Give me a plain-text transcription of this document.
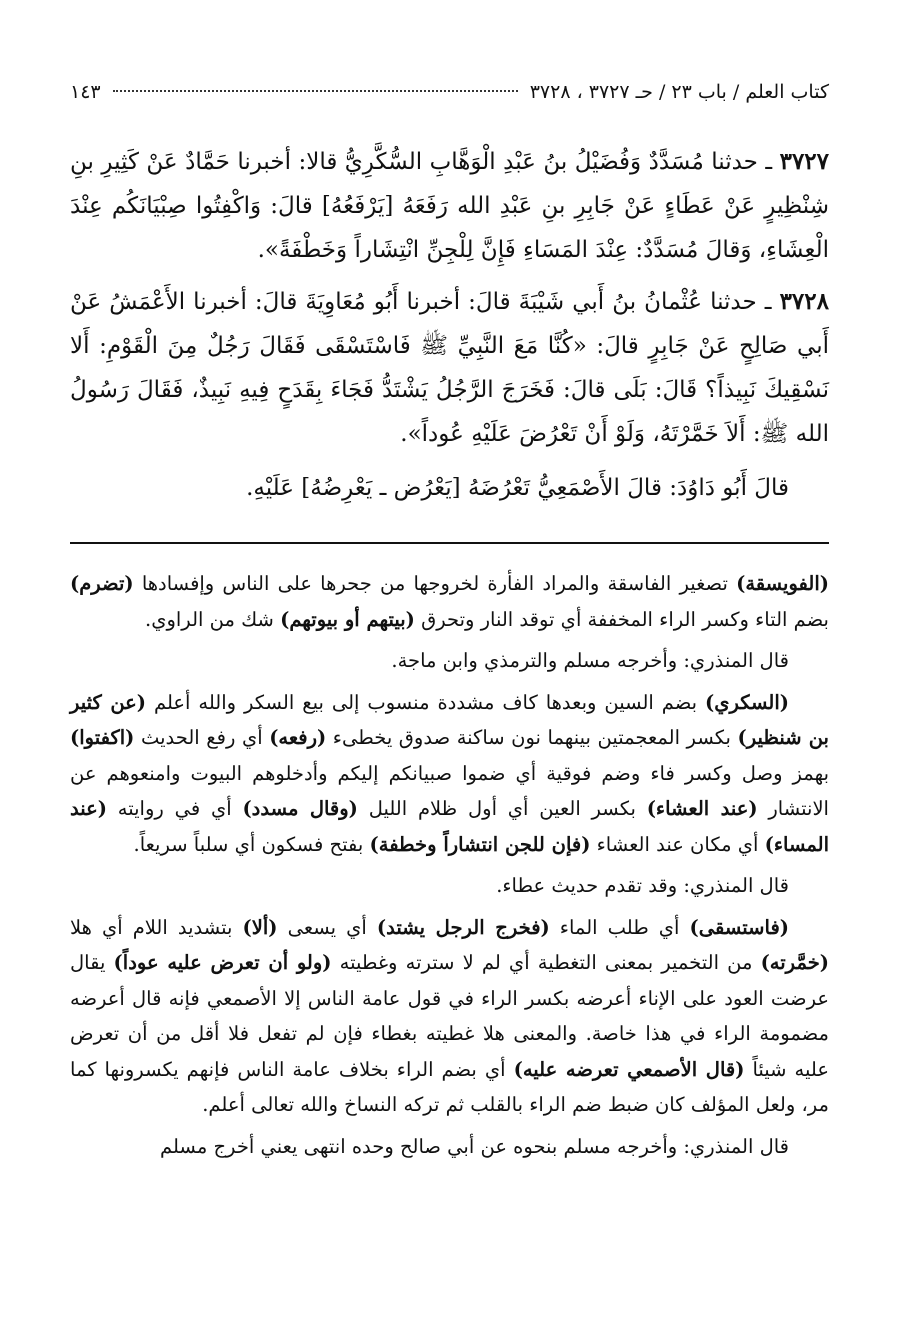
كتاب العلم / باب ٢٣ / حـ ٣٧٢٧ ، ٣٧٢٨
١٤٣

٣٧٢٧ ـ حدثنا مُسَدَّدٌ وَفُضَيْلُ بنُ عَبْدِ الْوَهَّابِ السُّكَّرِيُّ قالا: أخبرنا حَمَّادٌ عَنْ كَثِيرِ بنِ شِنْظِيرٍ عَنْ عَطَاءٍ عَنْ جَابِرِ بنِ عَبْدِ الله رَفَعَهُ [يَرْفَعُهُ] قالَ: وَاكْفِتُوا صِبْيَانَكُم عِنْدَ الْعِشَاءِ، وَقالَ مُسَدَّدٌ: عِنْدَ المَسَاءِ فَإِنَّ لِلْجِنِّ انْتِشَاراً وَخَطْفَةً».

٣٧٢٨ ـ حدثنا عُثْمانُ بنُ أَبي شَيْبَةَ قالَ: أخبرنا أَبُو مُعَاوِيَةَ قالَ: أخبرنا الأَعْمَشُ عَنْ أَبي صَالِحٍ عَنْ جَابِرٍ قالَ: «كُنَّا مَعَ النَّبِيِّ ﷺ فَاسْتَسْقَى فَقَالَ رَجُلٌ مِنَ الْقَوْمِ: أَلا نَسْقِيكَ نَبِيذاً؟ قَالَ: بَلَى قالَ: فَخَرَجَ الرَّجُلُ يَشْتَدُّ فَجَاءَ بِقَدَحٍ فِيهِ نَبِيذٌ، فَقَالَ رَسُولُ الله ﷺ: أَلاَ خَمَّرْتَهُ، وَلَوْ أَنْ تَعْرُضَ عَلَيْهِ عُوداً».

قالَ أَبُو دَاوُدَ: قالَ الأَصْمَعِيُّ تَعْرُضَهُ [يَعْرُض ـ يَعْرِضُهُ] عَلَيْهِ.

(الفويسقة) تصغير الفاسقة والمراد الفأرة لخروجها من جحرها على الناس وإفسادها (تضرم) بضم التاء وكسر الراء المخففة أي توقد النار وتحرق (بيتهم أو بيوتهم) شك من الراوي.

قال المنذري: وأخرجه مسلم والترمذي وابن ماجة.

(السكري) بضم السين وبعدها كاف مشددة منسوب إلى بيع السكر والله أعلم (عن كثير بن شنظير) بكسر المعجمتين بينهما نون ساكنة صدوق يخطىء (رفعه) أي رفع الحديث (اكفتوا) بهمز وصل وكسر فاء وضم فوقية أي ضموا صبيانكم إليكم وأدخلوهم البيوت وامنعوهم عن الانتشار (عند العشاء) بكسر العين أي أول ظلام الليل (وقال مسدد) أي في روايته (عند المساء) أي مكان عند العشاء (فإن للجن انتشاراً وخطفة) بفتح فسكون أي سلباً سريعاً.

قال المنذري: وقد تقدم حديث عطاء.

(فاستسقى) أي طلب الماء (فخرج الرجل يشتد) أي يسعى (ألا) بتشديد اللام أي هلا (خمَّرته) من التخمير بمعنى التغطية أي لم لا سترته وغطيته (ولو أن تعرض عليه عوداً) يقال عرضت العود على الإناء أعرضه بكسر الراء في قول عامة الناس إلا الأصمعي فإنه قال أعرضه مضمومة الراء في هذا خاصة. والمعنى هلا غطيته بغطاء فإن لم تفعل فلا أقل من أن تعرض عليه شيئاً (قال الأصمعي تعرضه عليه) أي بضم الراء بخلاف عامة الناس فإنهم يكسرونها كما مر، ولعل المؤلف كان ضبط ضم الراء بالقلب ثم تركه النساخ والله تعالى أعلم.

قال المنذري: وأخرجه مسلم بنحوه عن أبي صالح وحده انتهى يعني أخرج مسلم
